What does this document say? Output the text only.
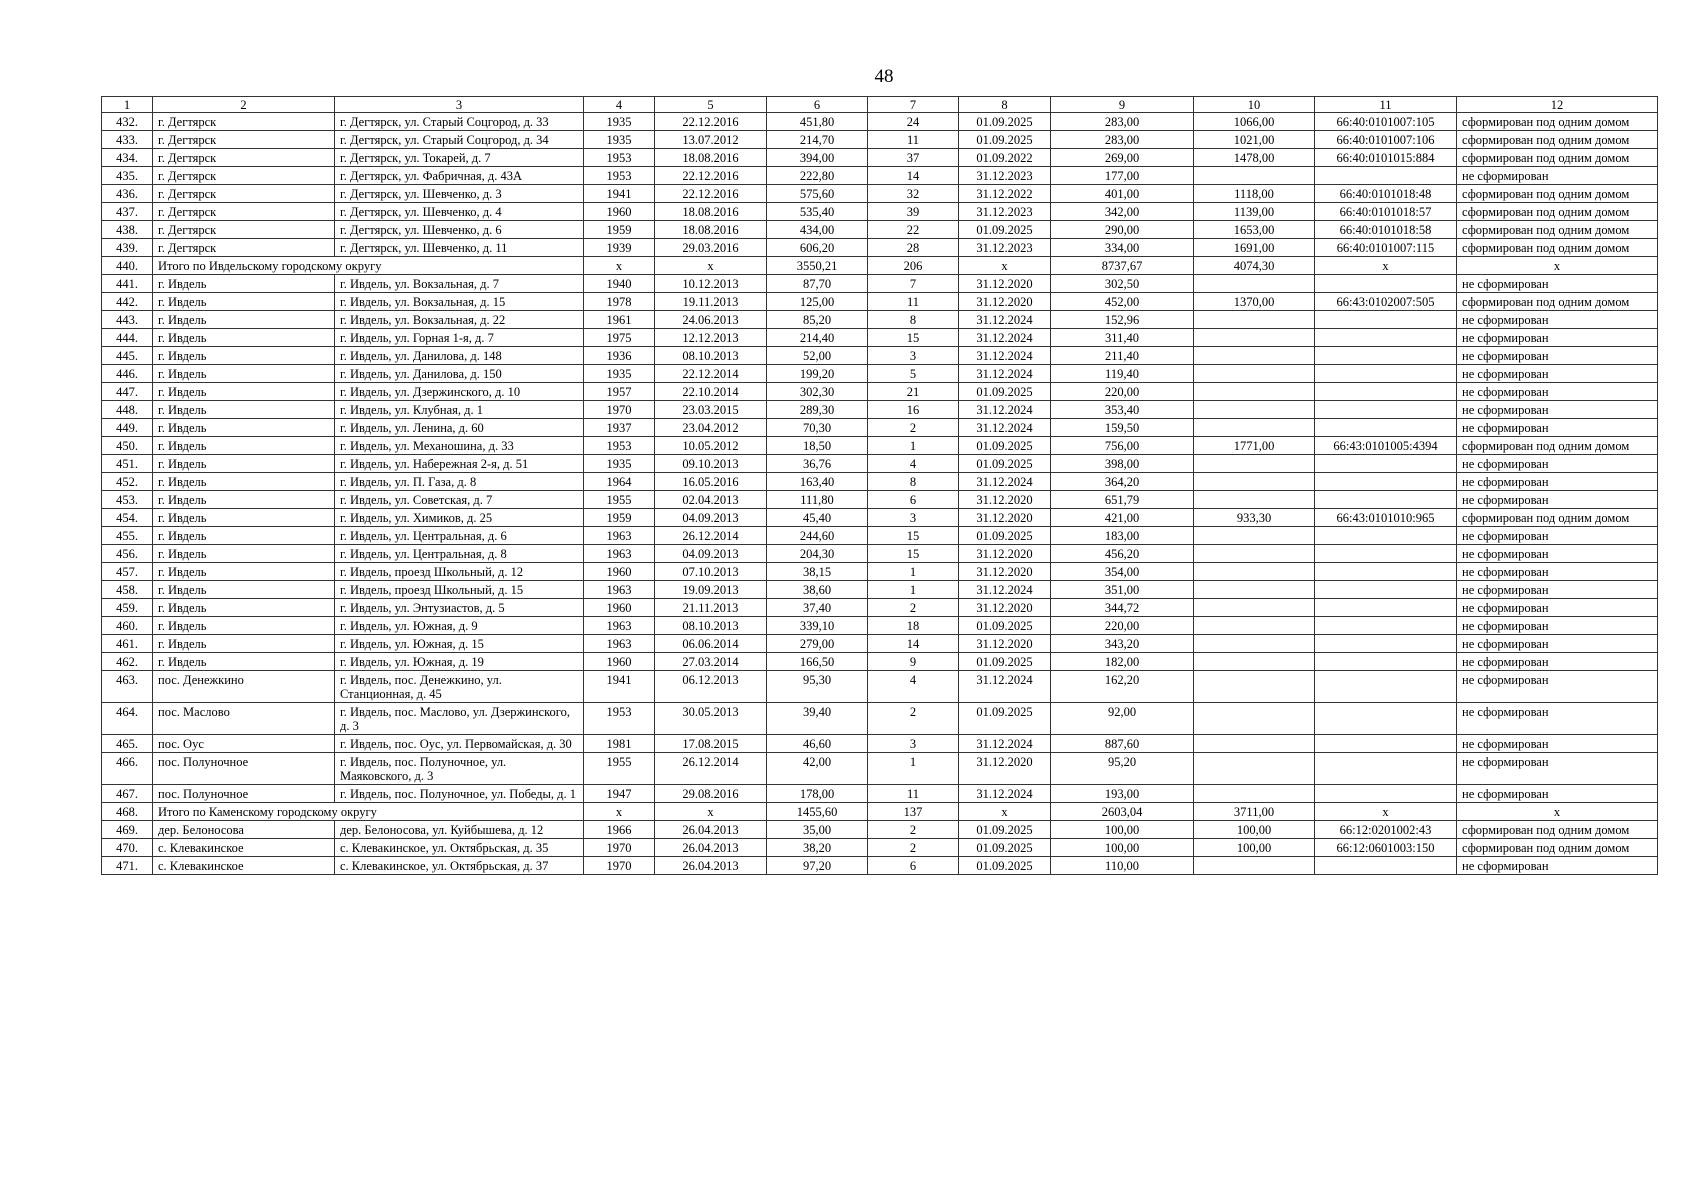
48
1	2	3	4	5	6	7	8	9	10	11	12
432.	г. Дегтярск	г. Дегтярск, ул. Старый Соцгород, д. 33	1935	22.12.2016	451,80	24	01.09.2025	283,00	1066,00	66:40:0101007:105	сформирован под одним домом
433.	г. Дегтярск	г. Дегтярск, ул. Старый Соцгород, д. 34	1935	13.07.2012	214,70	11	01.09.2025	283,00	1021,00	66:40:0101007:106	сформирован под одним домом
434.	г. Дегтярск	г. Дегтярск, ул. Токарей, д. 7	1953	18.08.2016	394,00	37	01.09.2022	269,00	1478,00	66:40:0101015:884	сформирован под одним домом
435.	г. Дегтярск	г. Дегтярск, ул. Фабричная, д. 43А	1953	22.12.2016	222,80	14	31.12.2023	177,00			не сформирован
436.	г. Дегтярск	г. Дегтярск, ул. Шевченко, д. 3	1941	22.12.2016	575,60	32	31.12.2022	401,00	1118,00	66:40:0101018:48	сформирован под одним домом
437.	г. Дегтярск	г. Дегтярск, ул. Шевченко, д. 4	1960	18.08.2016	535,40	39	31.12.2023	342,00	1139,00	66:40:0101018:57	сформирован под одним домом
438.	г. Дегтярск	г. Дегтярск, ул. Шевченко, д. 6	1959	18.08.2016	434,00	22	01.09.2025	290,00	1653,00	66:40:0101018:58	сформирован под одним домом
439.	г. Дегтярск	г. Дегтярск, ул. Шевченко, д. 11	1939	29.03.2016	606,20	28	31.12.2023	334,00	1691,00	66:40:0101007:115	сформирован под одним домом
440.	Итого по Ивдельскому городскому округу		х	х	3550,21	206	х	8737,67	4074,30	х	х
441.	г. Ивдель	г. Ивдель, ул. Вокзальная, д. 7	1940	10.12.2013	87,70	7	31.12.2020	302,50			не сформирован
442.	г. Ивдель	г. Ивдель, ул. Вокзальная, д. 15	1978	19.11.2013	125,00	11	31.12.2020	452,00	1370,00	66:43:0102007:505	сформирован под одним домом
443.	г. Ивдель	г. Ивдель, ул. Вокзальная, д. 22	1961	24.06.2013	85,20	8	31.12.2024	152,96			не сформирован
444.	г. Ивдель	г. Ивдель, ул. Горная 1-я, д. 7	1975	12.12.2013	214,40	15	31.12.2024	311,40			не сформирован
445.	г. Ивдель	г. Ивдель, ул. Данилова, д. 148	1936	08.10.2013	52,00	3	31.12.2024	211,40			не сформирован
446.	г. Ивдель	г. Ивдель, ул. Данилова, д. 150	1935	22.12.2014	199,20	5	31.12.2024	119,40			не сформирован
447.	г. Ивдель	г. Ивдель, ул. Дзержинского, д. 10	1957	22.10.2014	302,30	21	01.09.2025	220,00			не сформирован
448.	г. Ивдель	г. Ивдель, ул. Клубная, д. 1	1970	23.03.2015	289,30	16	31.12.2024	353,40			не сформирован
449.	г. Ивдель	г. Ивдель, ул. Ленина, д. 60	1937	23.04.2012	70,30	2	31.12.2024	159,50			не сформирован
450.	г. Ивдель	г. Ивдель, ул. Механошина, д. 33	1953	10.05.2012	18,50	1	01.09.2025	756,00	1771,00	66:43:0101005:4394	сформирован под одним домом
451.	г. Ивдель	г. Ивдель, ул. Набережная 2-я, д. 51	1935	09.10.2013	36,76	4	01.09.2025	398,00			не сформирован
452.	г. Ивдель	г. Ивдель, ул. П. Газа, д. 8	1964	16.05.2016	163,40	8	31.12.2024	364,20			не сформирован
453.	г. Ивдель	г. Ивдель, ул. Советская, д. 7	1955	02.04.2013	111,80	6	31.12.2020	651,79			не сформирован
454.	г. Ивдель	г. Ивдель, ул. Химиков, д. 25	1959	04.09.2013	45,40	3	31.12.2020	421,00	933,30	66:43:0101010:965	сформирован под одним домом
455.	г. Ивдель	г. Ивдель, ул. Центральная, д. 6	1963	26.12.2014	244,60	15	01.09.2025	183,00			не сформирован
456.	г. Ивдель	г. Ивдель, ул. Центральная, д. 8	1963	04.09.2013	204,30	15	31.12.2020	456,20			не сформирован
457.	г. Ивдель	г. Ивдель, проезд Школьный, д. 12	1960	07.10.2013	38,15	1	31.12.2020	354,00			не сформирован
458.	г. Ивдель	г. Ивдель, проезд Школьный, д. 15	1963	19.09.2013	38,60	1	31.12.2024	351,00			не сформирован
459.	г. Ивдель	г. Ивдель, ул. Энтузиастов, д. 5	1960	21.11.2013	37,40	2	31.12.2020	344,72			не сформирован
460.	г. Ивдель	г. Ивдель, ул. Южная, д. 9	1963	08.10.2013	339,10	18	01.09.2025	220,00			не сформирован
461.	г. Ивдель	г. Ивдель, ул. Южная, д. 15	1963	06.06.2014	279,00	14	31.12.2020	343,20			не сформирован
462.	г. Ивдель	г. Ивдель, ул. Южная, д. 19	1960	27.03.2014	166,50	9	01.09.2025	182,00			не сформирован
463.	пос. Денежкино	г. Ивдель, пос. Денежкино, ул. Станционная, д. 45	1941	06.12.2013	95,30	4	31.12.2024	162,20			не сформирован
464.	пос. Маслово	г. Ивдель, пос. Маслово, ул. Дзержинского, д. 3	1953	30.05.2013	39,40	2	01.09.2025	92,00			не сформирован
465.	пос. Оус	г. Ивдель, пос. Оус, ул. Первомайская, д. 30	1981	17.08.2015	46,60	3	31.12.2024	887,60			не сформирован
466.	пос. Полуночное	г. Ивдель, пос. Полуночное, ул. Маяковского, д. 3	1955	26.12.2014	42,00	1	31.12.2020	95,20			не сформирован
467.	пос. Полуночное	г. Ивдель, пос. Полуночное, ул. Победы, д. 1	1947	29.08.2016	178,00	11	31.12.2024	193,00			не сформирован
468.	Итого по Каменскому городскому округу		х	х	1455,60	137	х	2603,04	3711,00	х	х
469.	дер. Белоносова	дер. Белоносова, ул. Куйбышева, д. 12	1966	26.04.2013	35,00	2	01.09.2025	100,00	100,00	66:12:0201002:43	сформирован под одним домом
470.	с. Клевакинское	с. Клевакинское, ул. Октябрьская, д. 35	1970	26.04.2013	38,20	2	01.09.2025	100,00	100,00	66:12:0601003:150	сформирован под одним домом
471.	с. Клевакинское	с. Клевакинское, ул. Октябрьская, д. 37	1970	26.04.2013	97,20	6	01.09.2025	110,00			не сформирован
